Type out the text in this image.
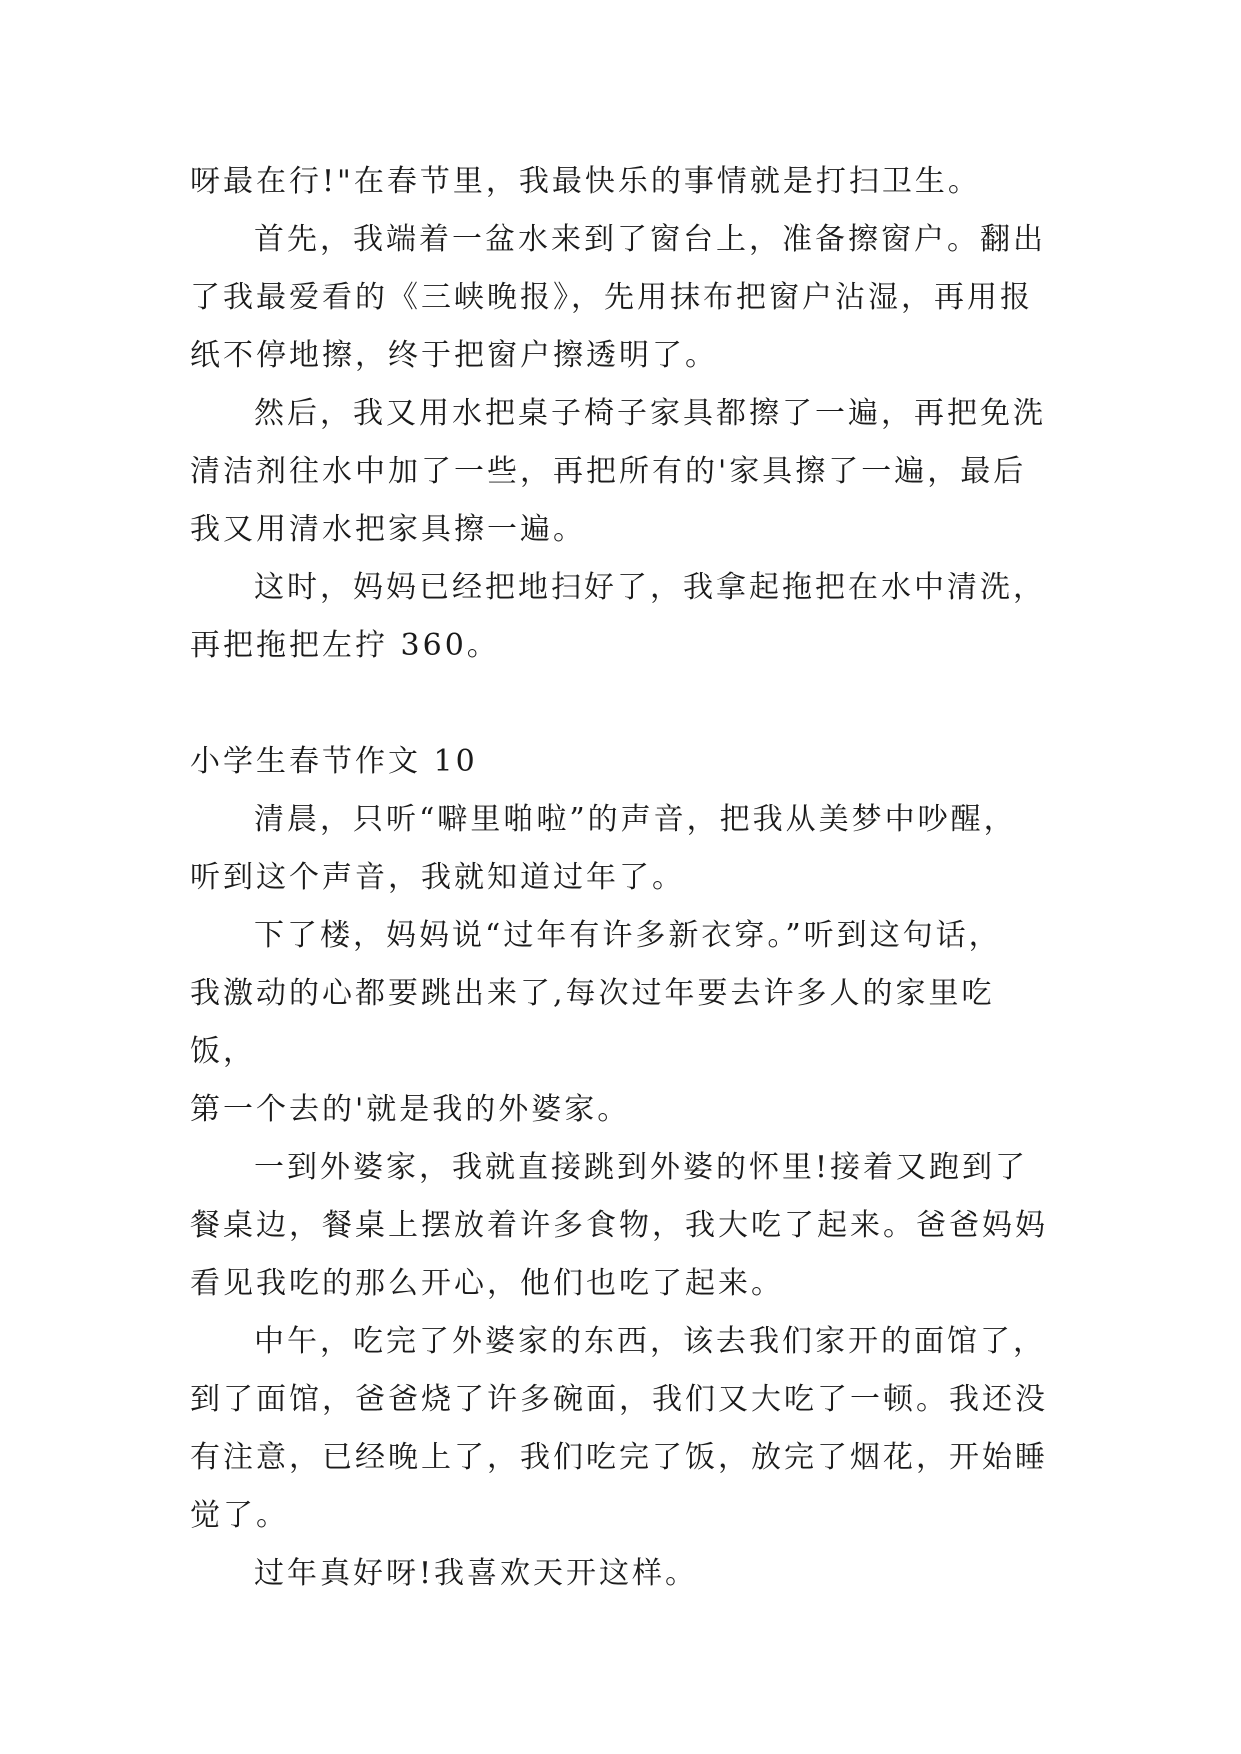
呀最在行!"在春节里，我最快乐的事情就是打扫卫生。

首先，我端着一盆水来到了窗台上，准备擦窗户。翻出
了我最爱看的《三峡晚报》，先用抹布把窗户沾湿，再用报
纸不停地擦，终于把窗户擦透明了。

然后，我又用水把桌子椅子家具都擦了一遍，再把免洗
清洁剂往水中加了一些，再把所有的'家具擦了一遍，最后
我又用清水把家具擦一遍。

这时，妈妈已经把地扫好了，我拿起拖把在水中清洗，
再把拖把左拧 360。

小学生春节作文 10

清晨，只听“噼里啪啦”的声音，把我从美梦中吵醒，
听到这个声音，我就知道过年了。

下了楼，妈妈说“过年有许多新衣穿。”听到这句话，
我激动的心都要跳出来了,每次过年要去许多人的家里吃饭，
第一个去的'就是我的外婆家。

一到外婆家，我就直接跳到外婆的怀里!接着又跑到了
餐桌边，餐桌上摆放着许多食物，我大吃了起来。爸爸妈妈
看见我吃的那么开心，他们也吃了起来。

中午，吃完了外婆家的东西，该去我们家开的面馆了，
到了面馆，爸爸烧了许多碗面，我们又大吃了一顿。我还没
有注意，已经晚上了，我们吃完了饭，放完了烟花，开始睡
觉了。

过年真好呀!我喜欢天开这样。
